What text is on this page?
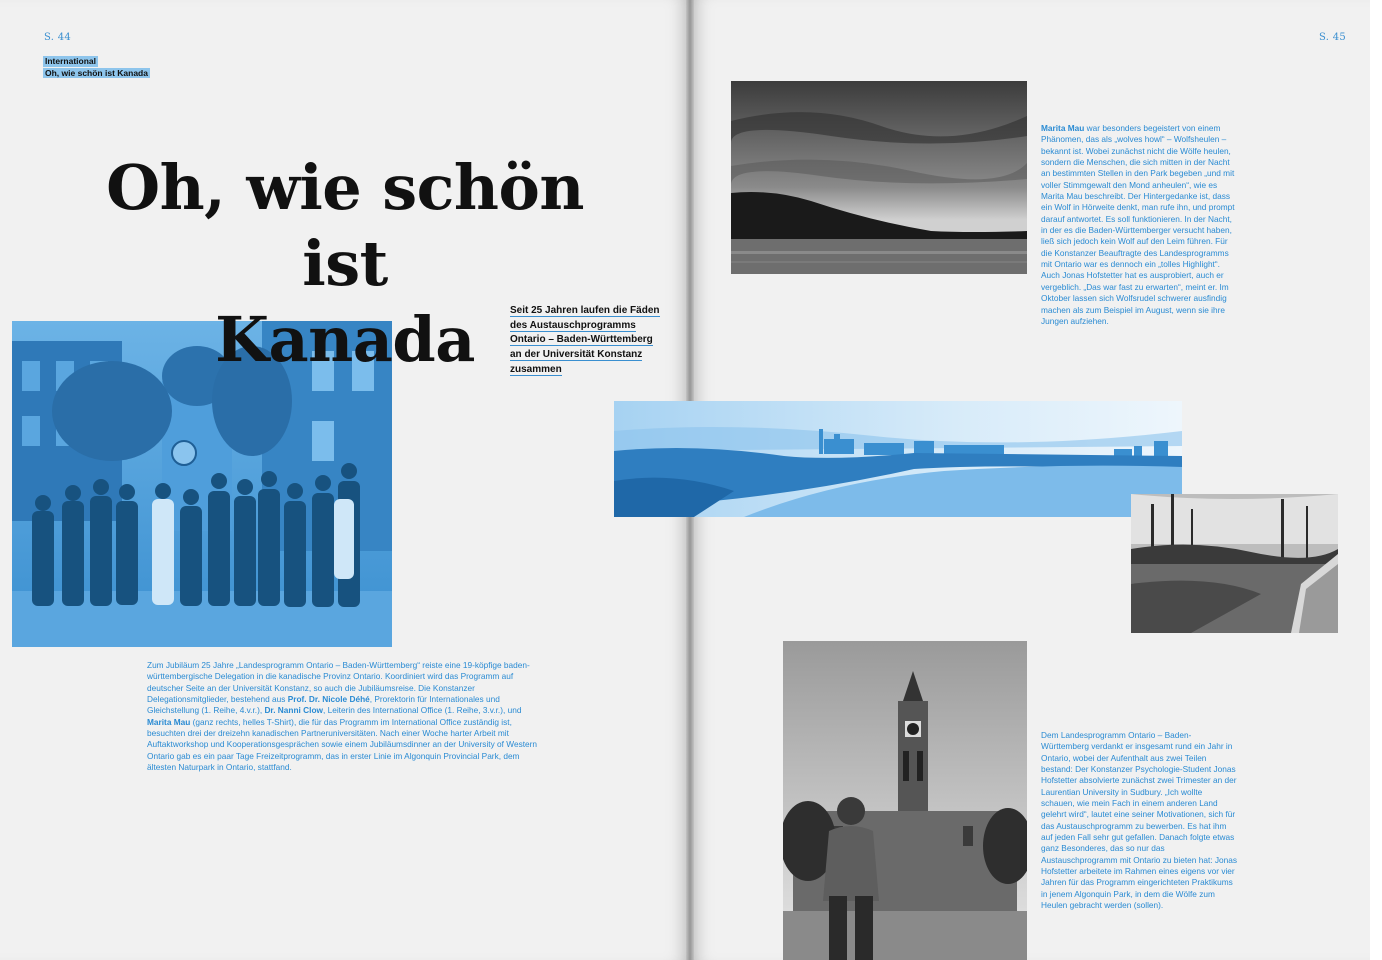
S. 44	S. 45
International
Oh, wie schön ist Kanada
Oh, wie schön
ist
Kanada	Seit 25 Jahren laufen die Fäden
des Austauschprogramms
Ontario – Baden-Württemberg
an der Universität Konstanz
zusammen
Zum Jubiläum 25 Jahre „Landesprogramm Ontario – Baden-Württemberg“ reiste eine 19-köpfige baden-württembergische Delegation in die kanadische Provinz Ontario. Koordiniert wird das Programm auf deutscher Seite an der Universität Konstanz, so auch die Jubiläumsreise. Die Konstanzer Delegationsmitglieder, bestehend aus Prof. Dr. Nicole Déhé, Prorektorin für Internationales und Gleichstellung (1. Reihe, 4.v.r.), Dr. Nanni Clow, Leiterin des International Office (1. Reihe, 3.v.r.), und Marita Mau (ganz rechts, helles T-Shirt), die für das Programm im International Office zuständig ist, besuchten drei der dreizehn kanadischen Partneruniversitäten. Nach einer Woche harter Arbeit mit Auftaktworkshop und Kooperationsgesprächen sowie einem Jubiläumsdinner an der University of Western Ontario gab es ein paar Tage Freizeitprogramm, das in erster Linie im Algonquin Provincial Park, dem ältesten Naturpark in Ontario, stattfand.
Marita Mau war besonders begeistert von einem Phänomen, das als „wolves howl“ – Wolfsheulen – bekannt ist. Wobei zunächst nicht die Wölfe heulen, sondern die Menschen, die sich mitten in der Nacht an bestimmten Stellen in den Park begeben „und mit voller Stimmgewalt den Mond anheulen“, wie es Marita Mau beschreibt. Der Hintergedanke ist, dass ein Wolf in Hörweite denkt, man rufe ihn, und prompt darauf antwortet. Es soll funktionieren. In der Nacht, in der es die Baden-Württemberger versucht haben, ließ sich jedoch kein Wolf auf den Leim führen. Für die Konstanzer Beauftragte des Landesprogramms mit Ontario war es dennoch ein „tolles Highlight“. Auch Jonas Hofstetter hat es ausprobiert, auch er vergeblich. „Das war fast zu erwarten“, meint er. Im Oktober lassen sich Wolfsrudel schwerer ausfindig machen als zum Beispiel im August, wenn sie ihre Jungen aufziehen.
Dem Landesprogramm Ontario – Baden-Württemberg verdankt er insgesamt rund ein Jahr in Ontario, wobei der Aufenthalt aus zwei Teilen bestand: Der Konstanzer Psychologie-Student Jonas Hofstetter absolvierte zunächst zwei Trimester an der Laurentian University in Sudbury. „Ich wollte schauen, wie mein Fach in einem anderen Land gelehrt wird“, lautet eine seiner Motivationen, sich für das Austauschprogramm zu bewerben. Es hat ihm auf jeden Fall sehr gut gefallen. Danach folgte etwas ganz Besonderes, das so nur das Austauschprogramm mit Ontario zu bieten hat: Jonas Hofstetter arbeitete im Rahmen eines eigens vor vier Jahren für das Programm eingerichteten Praktikums in jenem Algonquin Park, in dem die Wölfe zum Heulen gebracht werden (sollen).
